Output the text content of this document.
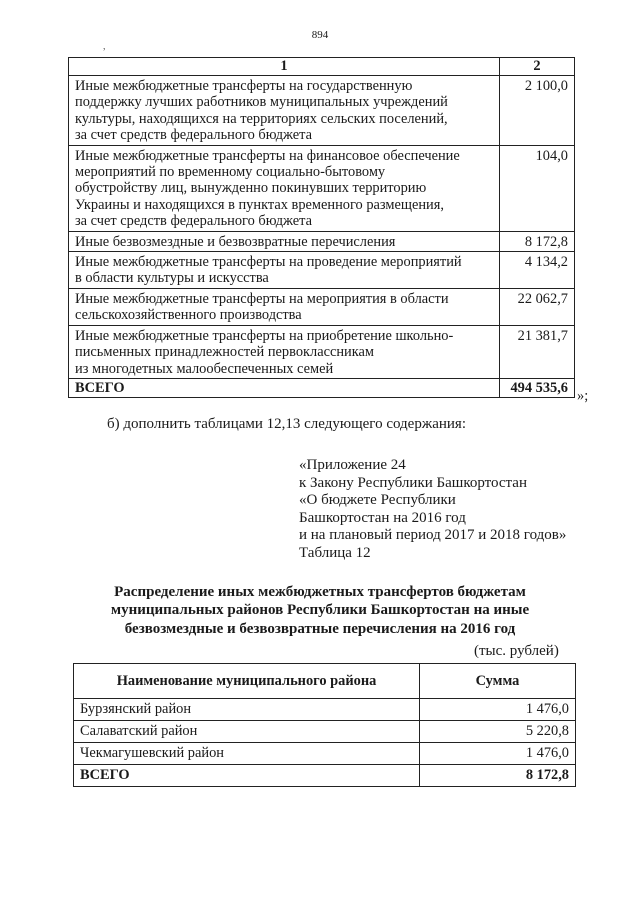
894
,
1	2

Иные межбюджетные трансферты на государственную
поддержку лучших работников муниципальных учреждений
культуры, находящихся на территориях сельских поселений,
за счет средств федерального бюджета	2 100,0

Иные межбюджетные трансферты на финансовое обеспечение
мероприятий по временному социально-бытовому
обустройству лиц, вынужденно покинувших территорию
Украины и находящихся в пунктах временного размещения,
за счет средств федерального бюджета	104,0

Иные безвозмездные и безвозвратные перечисления	8 172,8

Иные межбюджетные трансферты на проведение мероприятий
в области культуры и искусства	4 134,2

Иные межбюджетные трансферты на мероприятия в области
сельскохозяйственного производства	22 062,7

Иные межбюджетные трансферты на приобретение школьно-
письменных принадлежностей первоклассникам
из многодетных малообеспеченных семей	21 381,7
ВСЕГО	494 535,6
»;
б) дополнить таблицами 12,13 следующего содержания:
«Приложение 24
к Закону Республики Башкортостан
«О бюджете Республики
Башкортостан на 2016 год
и на плановый период 2017 и 2018 годов»
Таблица 12
Распределение иных межбюджетных трансфертов бюджетам
муниципальных районов Республики Башкортостан на иные
безвозмездные и безвозвратные перечисления на 2016 год
(тыс. рублей)
Наименование муниципального района	Сумма
Бурзянский район	1 476,0
Салаватский район	5 220,8
Чекмагушевский район	1 476,0
ВСЕГО	8 172,8
